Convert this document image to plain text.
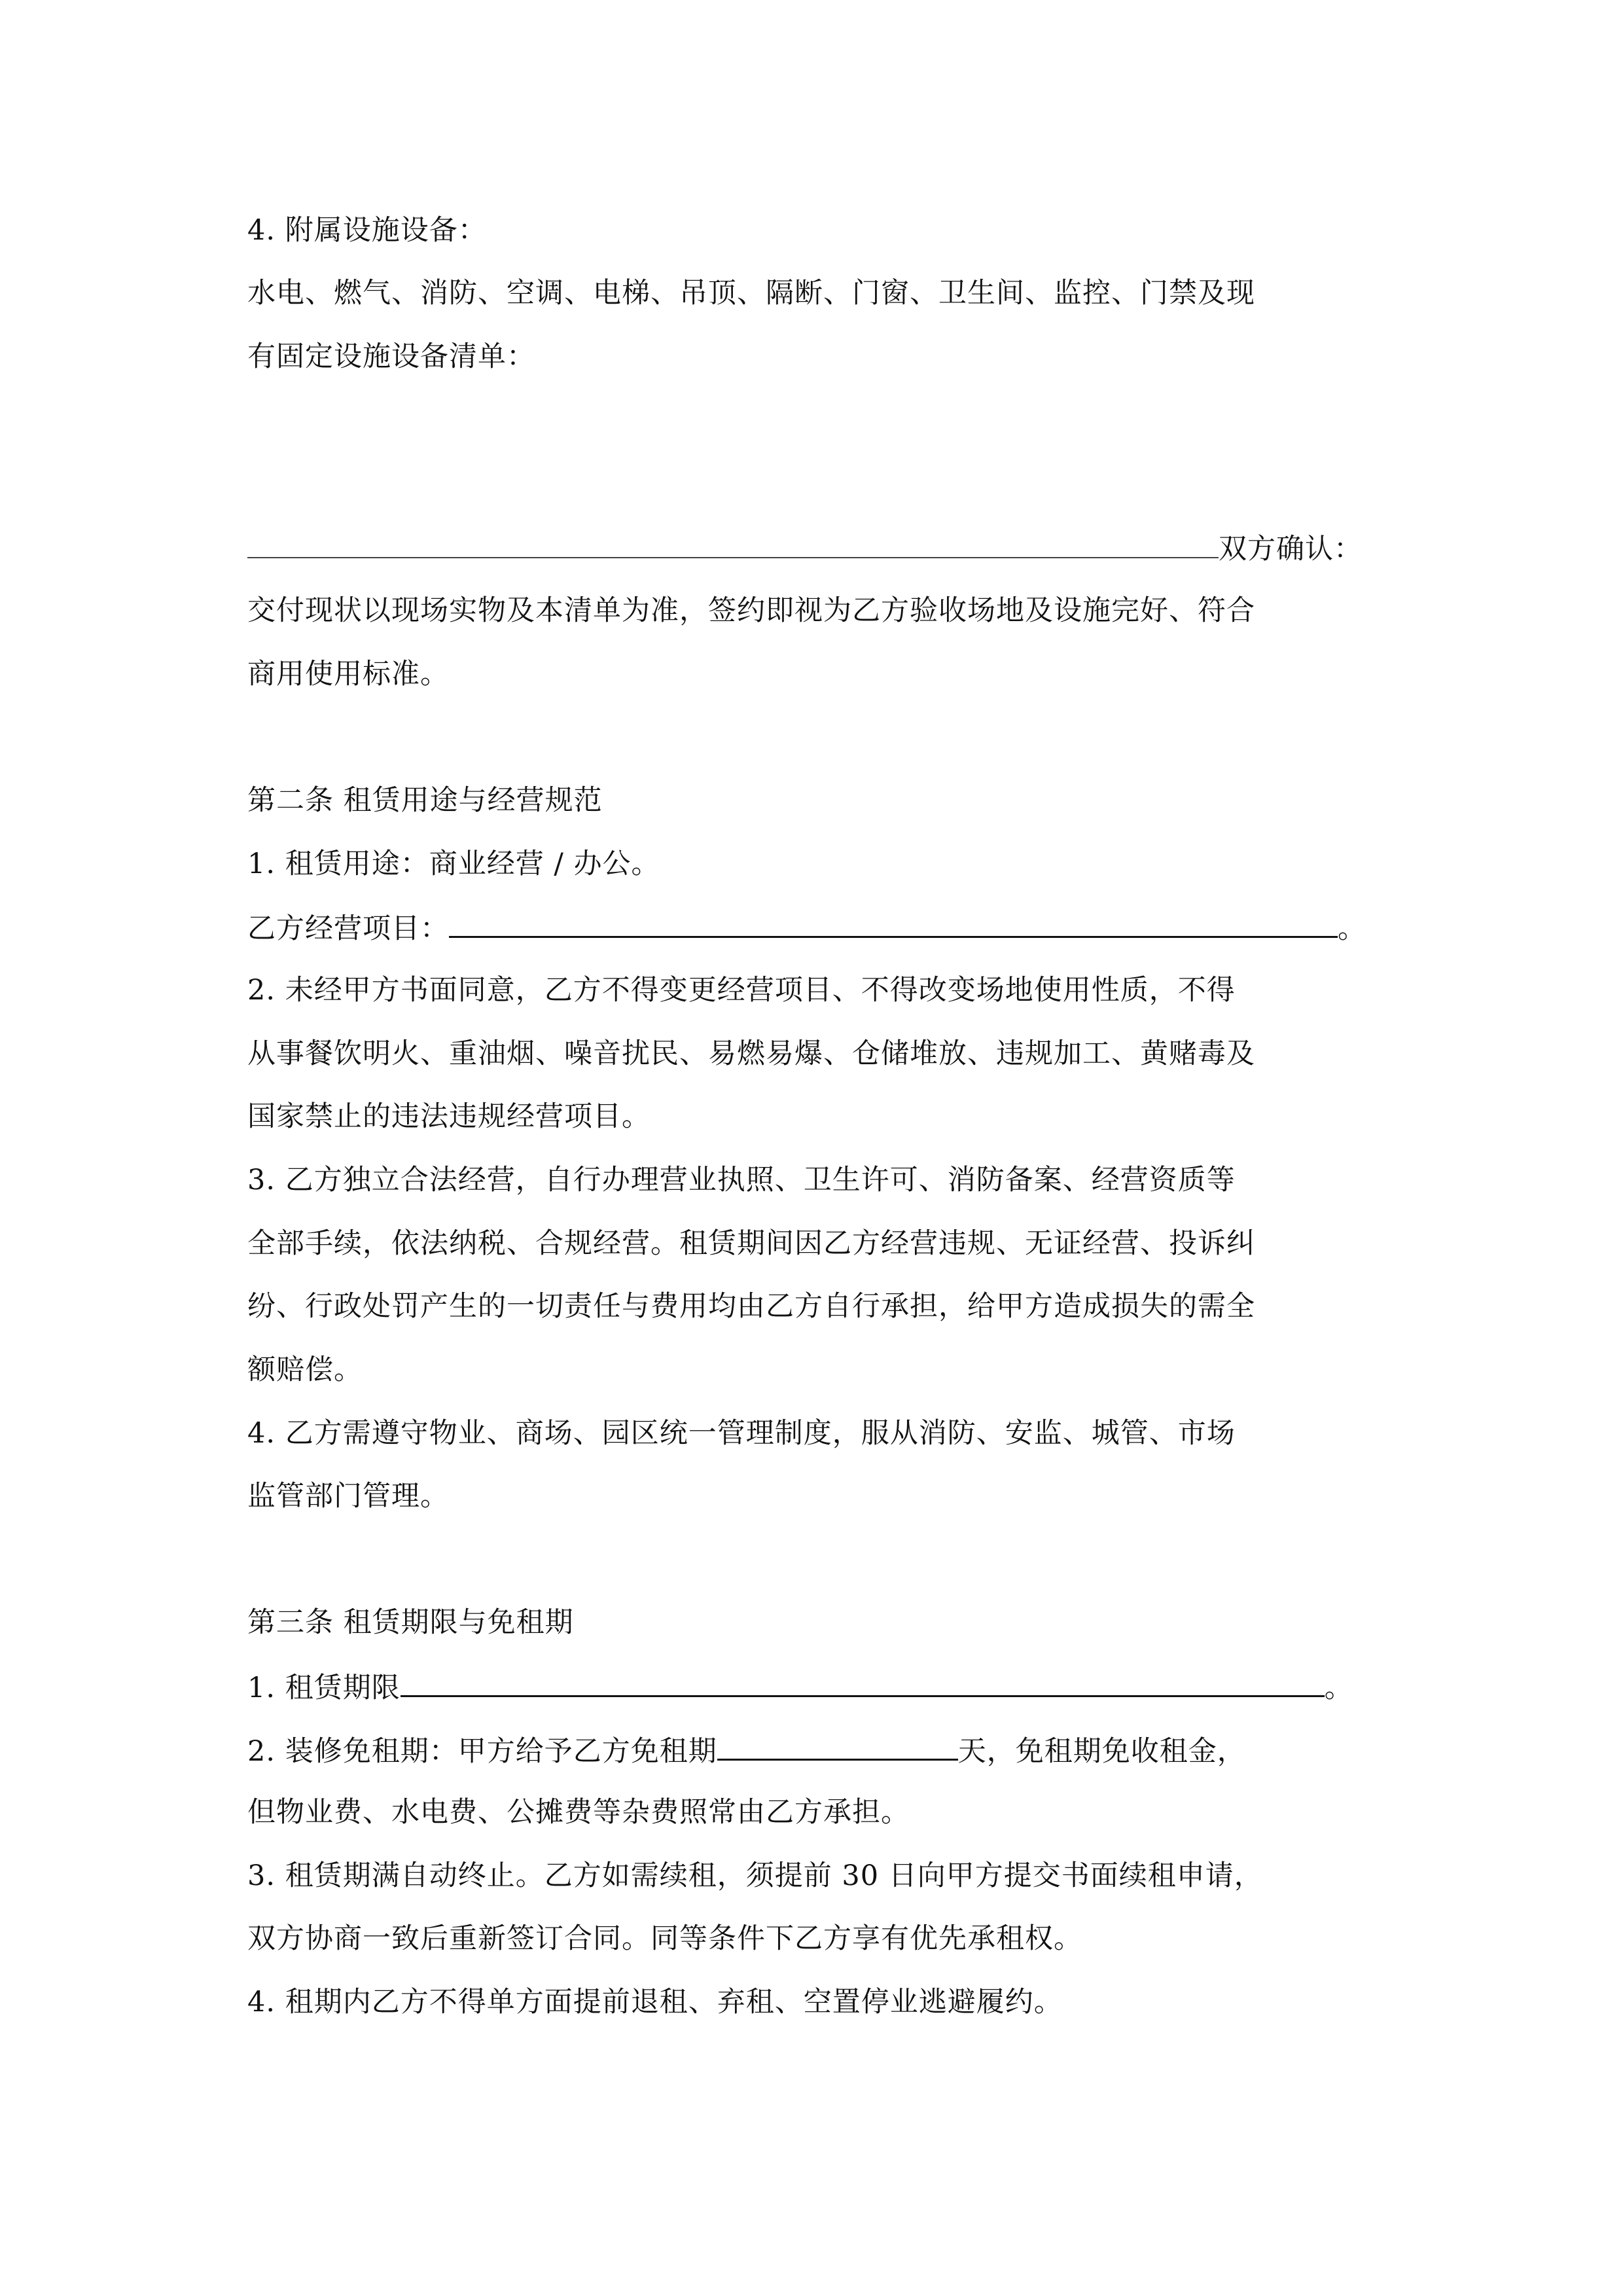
4. 附属设施设备：
水电、燃气、消防、空调、电梯、吊顶、隔断、门窗、卫生间、监控、门禁及现
有固定设施设备清单：
双方确认：
交付现状以现场实物及本清单为准，签约即视为乙方验收场地及设施完好、符合
商用使用标准。
第二条 租赁用途与经营规范
1. 租赁用途：商业经营 / 办公。
乙方经营项目：	。
2. 未经甲方书面同意，乙方不得变更经营项目、不得改变场地使用性质，不得
从事餐饮明火、重油烟、噪音扰民、易燃易爆、仓储堆放、违规加工、黄赌毒及
国家禁止的违法违规经营项目。
3. 乙方独立合法经营，自行办理营业执照、卫生许可、消防备案、经营资质等
全部手续，依法纳税、合规经营。租赁期间因乙方经营违规、无证经营、投诉纠
纷、行政处罚产生的一切责任与费用均由乙方自行承担，给甲方造成损失的需全
额赔偿。
4. 乙方需遵守物业、商场、园区统一管理制度，服从消防、安监、城管、市场
监管部门管理。
第三条 租赁期限与免租期
1. 租赁期限	。
2. 装修免租期：甲方给予乙方免租期	天，免租期免收租金，
但物业费、水电费、公摊费等杂费照常由乙方承担。
3. 租赁期满自动终止。乙方如需续租，须提前 30 日向甲方提交书面续租申请，
双方协商一致后重新签订合同。同等条件下乙方享有优先承租权。
4. 租期内乙方不得单方面提前退租、弃租、空置停业逃避履约。
